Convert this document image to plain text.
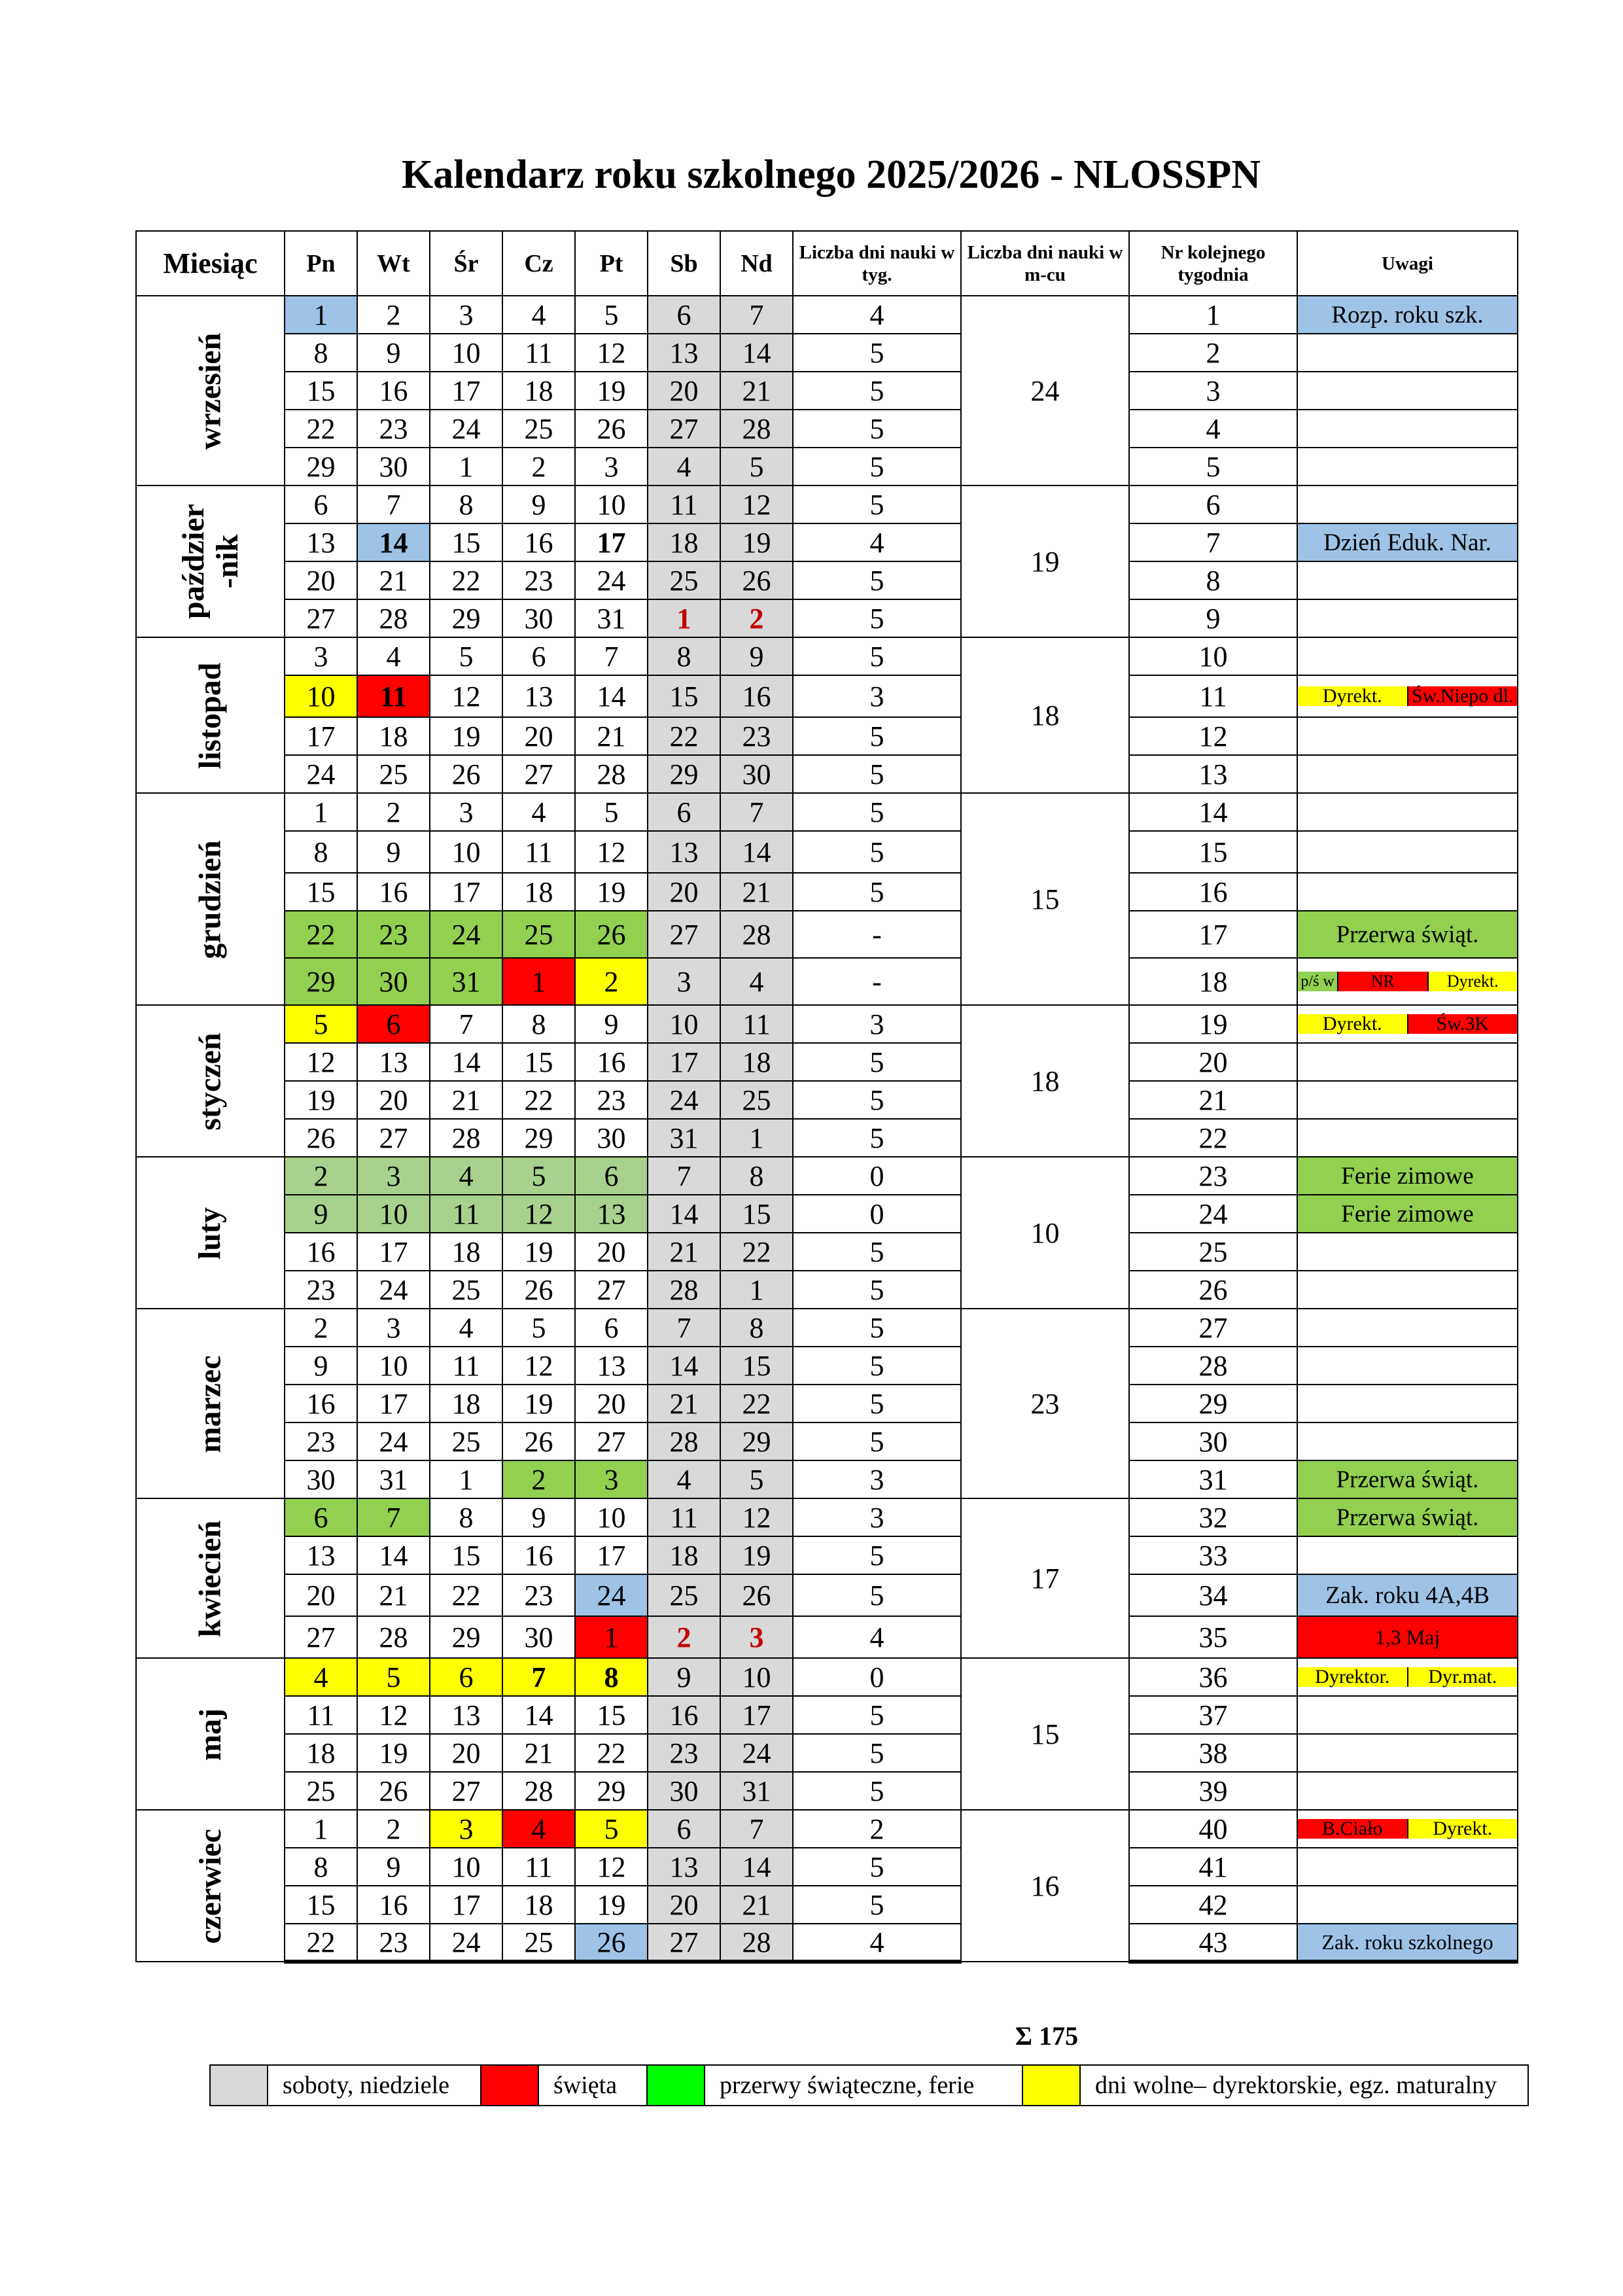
Kalendarz roku szkolnego 2025/2026 - NLOSSPN
Miesiąc	Pn	Wt	Śr	Cz	Pt	Sb	Nd	Liczba dni nauki w tyg.	Liczba dni nauki w m-cu	Nr kolejnego tygodnia	Uwagi
wrzesień	1	2	3	4	5	6	7	4	24	1	Rozp. roku szk.
	8	9	10	11	12	13	14	5		2	
	15	16	17	18	19	20	21	5		3	
	22	23	24	25	26	27	28	5		4	
	29	30	1	2	3	4	5	5		5	

paździer -nik	6	7	8	9	10	11	12	5	19	6	
	13	14	15	16	17	18	19	4		7	Dzień Eduk. Nar.
	20	21	22	23	24	25	26	5		8	
	27	28	29	30	31	1	2	5		9	
listopad	3	4	5	6	7	8	9	5	18	10	

	10	11	12	13	14	15	16	3		11	Dyrekt. Św.Niepo dl.

	17	18	19	20	21	22	23	5		12	
	24	25	26	27	28	29	30	5		13	
grudzień	1	2	3	4	5	6	7	5	15	14	
	8	9	10	11	12	13	14	5		15	
	15	16	17	18	19	20	21	5		16	
	22	23	24	25	26	27	28	-		17	Przerwa świąt.
	29	30	31	1	2	3	4	-		18	p/ś w NR Dyrekt.

styczeń	5	6	7	8	9	10	11	3	18	19	Dyrekt. Św.3K

	12	13	14	15	16	17	18	5		20	
	19	20	21	22	23	24	25	5		21	
	26	27	28	29	30	31	1	5		22	
luty	2	3	4	5	6	7	8	0	10	23	Ferie zimowe
	9	10	11	12	13	14	15	0		24	Ferie zimowe
	16	17	18	19	20	21	22	5		25	
	23	24	25	26	27	28	1	5		26	
marzec	2	3	4	5	6	7	8	5	23	27	
	9	10	11	12	13	14	15	5		28	
	16	17	18	19	20	21	22	5		29	
	23	24	25	26	27	28	29	5		30	
	30	31	1	2	3	4	5	3		31	Przerwa świąt.
kwiecień	6	7	8	9	10	11	12	3	17	32	Przerwa świąt.
	13	14	15	16	17	18	19	5		33	
	20	21	22	23	24	25	26	5		34	Zak. roku 4A,4B
	27	28	29	30	1	2	3	4		35	1,3 Maj
maj	4	5	6	7	8	9	10	0	15	36	Dyrektor. Dyr.mat.

	11	12	13	14	15	16	17	5		37	
	18	19	20	21	22	23	24	5		38	
	25	26	27	28	29	30	31	5		39	
czerwiec	1	2	3	4	5	6	7	2	16	40	B.Ciało Dyrekt.

	8	9	10	11	12	13	14	5		41	

	15	16	17	18	19	20	21	5		42	
	22	23	24	25	26	27	28	4		43	Zak. roku szkolnego
Σ 175
soboty, niedziele	święta	przerwy świąteczne, ferie	dni wolne– dyrektorskie, egz. maturalny
